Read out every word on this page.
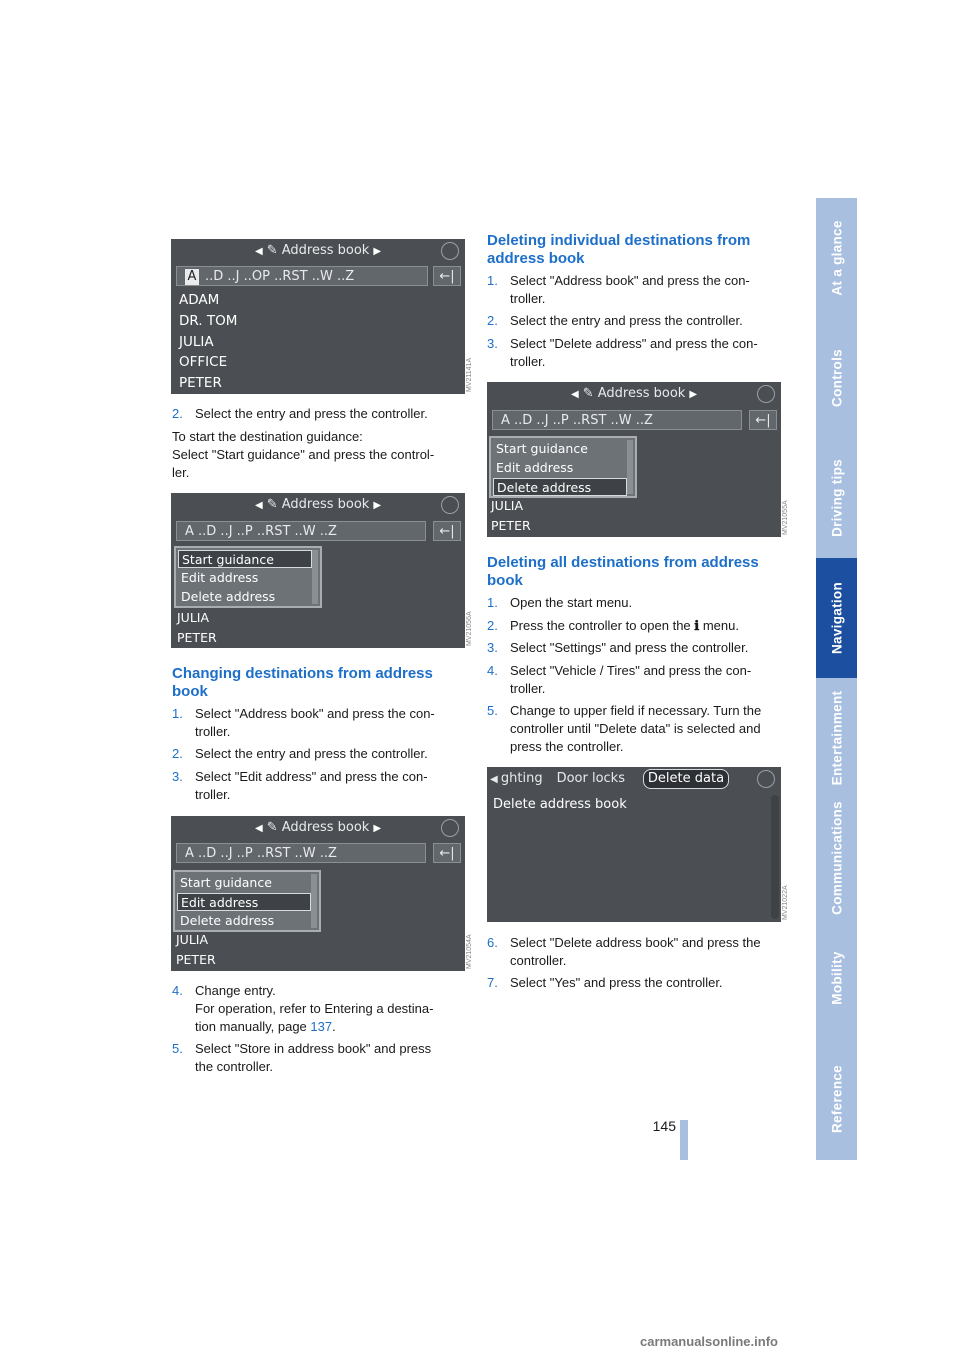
At a glance
Controls
Driving tips
Navigation
Entertainment
Communications
Mobility
Reference
◀ ✎ Address book ▶
A ..D ..J ..OP ..RST ..W ..Z	←|
ADAM
DR. TOM
JULIA
OFFICE
PETER	MV21141A
2. Select the entry and press the controller.
To start the destination guidance:
Select "Start guidance" and press the control-
ler.
◀ ✎ Address book ▶
A ..D ..J ..P ..RST ..W ..Z	←|
Start guidance
Edit address
Delete address
JULIA
PETER	MV21056A
Changing destinations from address
book
1. Select "Address book" and press the con-
troller.
2. Select the entry and press the controller.
3. Select "Edit address" and press the con-
troller.
◀ ✎ Address book ▶
A ..D ..J ..P ..RST ..W ..Z	←|
Start guidance
Edit address
Delete address
JULIA
PETER	MV21054A
4. Change entry.
For operation, refer to Entering a destina-
tion manually, page 137.
5. Select "Store in address book" and press
the controller.
Deleting individual destinations from
address book
1. Select "Address book" and press the con-
troller.
2. Select the entry and press the controller.
3. Select "Delete address" and press the con-
troller.
◀ ✎ Address book ▶
A ..D ..J ..P ..RST ..W ..Z	←|
Start guidance
Edit address
Delete address
JULIA
PETER	MV21055A
Deleting all destinations from address
book
1. Open the start menu.
2. Press the controller to open the ℹ menu.
3. Select "Settings" and press the controller.
4. Select "Vehicle / Tires" and press the con-
troller.
5. Change to upper field if necessary. Turn the
controller until "Delete data" is selected and
press the controller.
◀ ghting Door locks	Delete data
Delete address book
MV21022A
6. Select "Delete address book" and press the
controller.
7. Select "Yes" and press the controller.
145
carmanualsonline.info
